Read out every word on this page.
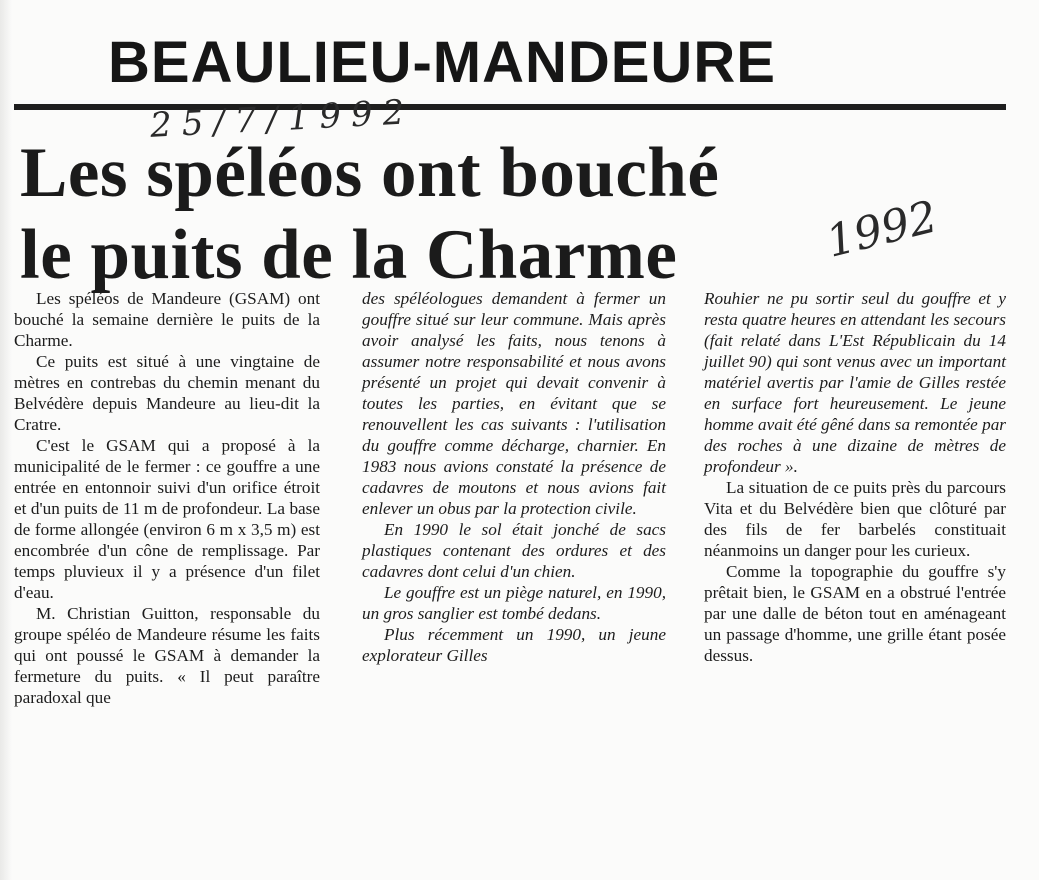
BEAULIEU-MANDEURE
25/7/1992
Les spéléos ont bouché
le puits de la Charme	1992

Les spéléos de Mandeure (GSAM) ont bouché la semaine dernière le puits de la Charme.

Ce puits est situé à une vingtaine de mètres en contrebas du chemin menant du Belvédère depuis Mandeure au lieu-dit la Cratre.

C'est le GSAM qui a proposé à la municipalité de le fermer : ce gouffre a une entrée en entonnoir suivi d'un orifice étroit et d'un puits de 11 m de profondeur. La base de forme allongée (environ 6 m x 3,5 m) est encombrée d'un cône de remplissage. Par temps pluvieux il y a présence d'un filet d'eau.

M. Christian Guitton, responsable du groupe spéléo de Mandeure résume les faits qui ont poussé le GSAM à demander la fermeture du puits. « Il peut paraître paradoxal que

des spéléologues demandent à fermer un gouffre situé sur leur commune. Mais après avoir analysé les faits, nous tenons à assumer notre responsabilité et nous avons présenté un projet qui devait convenir à toutes les parties, en évitant que se renouvellent les cas suivants : l'utilisation du gouffre comme décharge, charnier. En 1983 nous avions constaté la présence de cadavres de moutons et nous avions fait enlever un obus par la protection civile.

En 1990 le sol était jonché de sacs plastiques contenant des ordures et des cadavres dont celui d'un chien.

Le gouffre est un piège naturel, en 1990, un gros sanglier est tombé dedans.

Plus récemment un 1990, un jeune explorateur Gilles

Rouhier ne pu sortir seul du gouffre et y resta quatre heures en attendant les secours (fait relaté dans L'Est Républicain du 14 juillet 90) qui sont venus avec un important matériel avertis par l'amie de Gilles restée en surface fort heureusement. Le jeune homme avait été gêné dans sa remontée par des roches à une dizaine de mètres de profondeur ».

La situation de ce puits près du parcours Vita et du Belvédère bien que clôturé par des fils de fer barbelés constituait néanmoins un danger pour les curieux.

Comme la topographie du gouffre s'y prêtait bien, le GSAM en a obstrué l'entrée par une dalle de béton tout en aménageant un passage d'homme, une grille étant posée dessus.
